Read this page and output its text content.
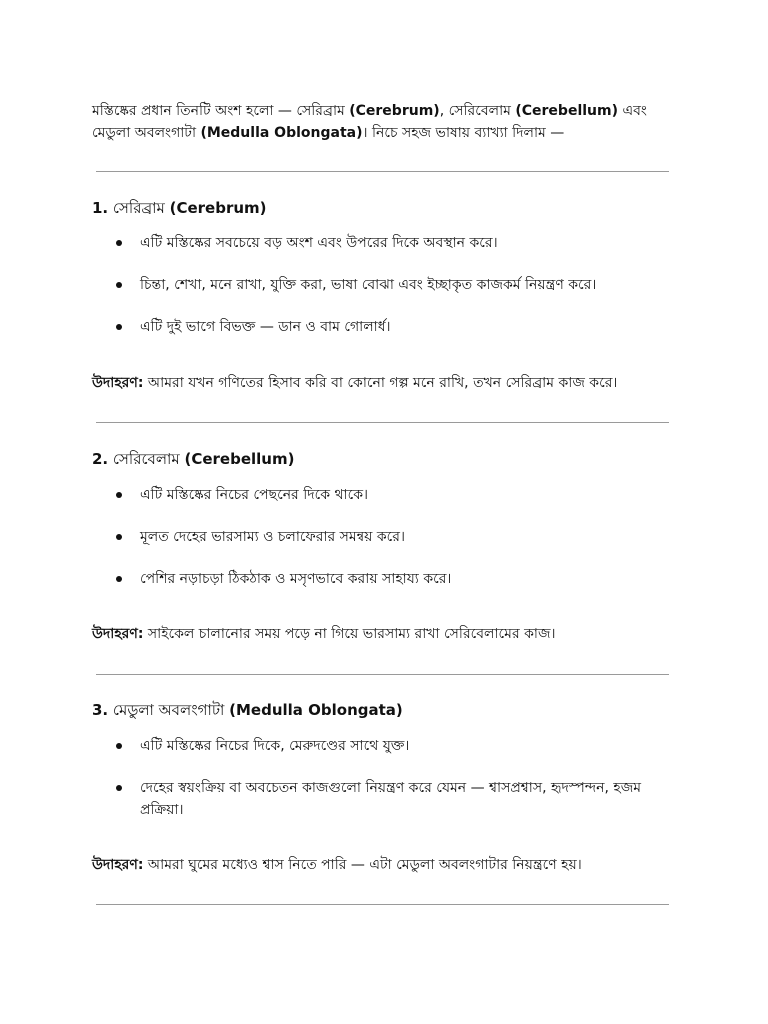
মস্তিষ্কের প্রধান তিনটি অংশ হলো — সেরিব্রাম (Cerebrum), সেরিবেলাম (Cerebellum) এবং মেডুলা অবলংগাটা (Medulla Oblongata)। নিচে সহজ ভাষায় ব্যাখ্যা দিলাম —
1. সেরিব্রাম (Cerebrum)
এটি মস্তিষ্কের সবচেয়ে বড় অংশ এবং উপরের দিকে অবস্থান করে।
চিন্তা, শেখা, মনে রাখা, যুক্তি করা, ভাষা বোঝা এবং ইচ্ছাকৃত কাজকর্ম নিয়ন্ত্রণ করে।
এটি দুই ভাগে বিভক্ত — ডান ও বাম গোলার্ধ।
উদাহরণ: আমরা যখন গণিতের হিসাব করি বা কোনো গল্প মনে রাখি, তখন সেরিব্রাম কাজ করে।
2. সেরিবেলাম (Cerebellum)
এটি মস্তিষ্কের নিচের পেছনের দিকে থাকে।
মূলত দেহের ভারসাম্য ও চলাফেরার সমন্বয় করে।
পেশির নড়াচড়া ঠিকঠাক ও মসৃণভাবে করায় সাহায্য করে।
উদাহরণ: সাইকেল চালানোর সময় পড়ে না গিয়ে ভারসাম্য রাখা সেরিবেলামের কাজ।
3. মেডুলা অবলংগাটা (Medulla Oblongata)
এটি মস্তিষ্কের নিচের দিকে, মেরুদণ্ডের সাথে যুক্ত।
দেহের স্বয়ংক্রিয় বা অবচেতন কাজগুলো নিয়ন্ত্রণ করে যেমন — শ্বাসপ্রশ্বাস, হৃদস্পন্দন, হজম প্রক্রিয়া।
উদাহরণ: আমরা ঘুমের মধ্যেও শ্বাস নিতে পারি — এটা মেডুলা অবলংগাটার নিয়ন্ত্রণে হয়।
